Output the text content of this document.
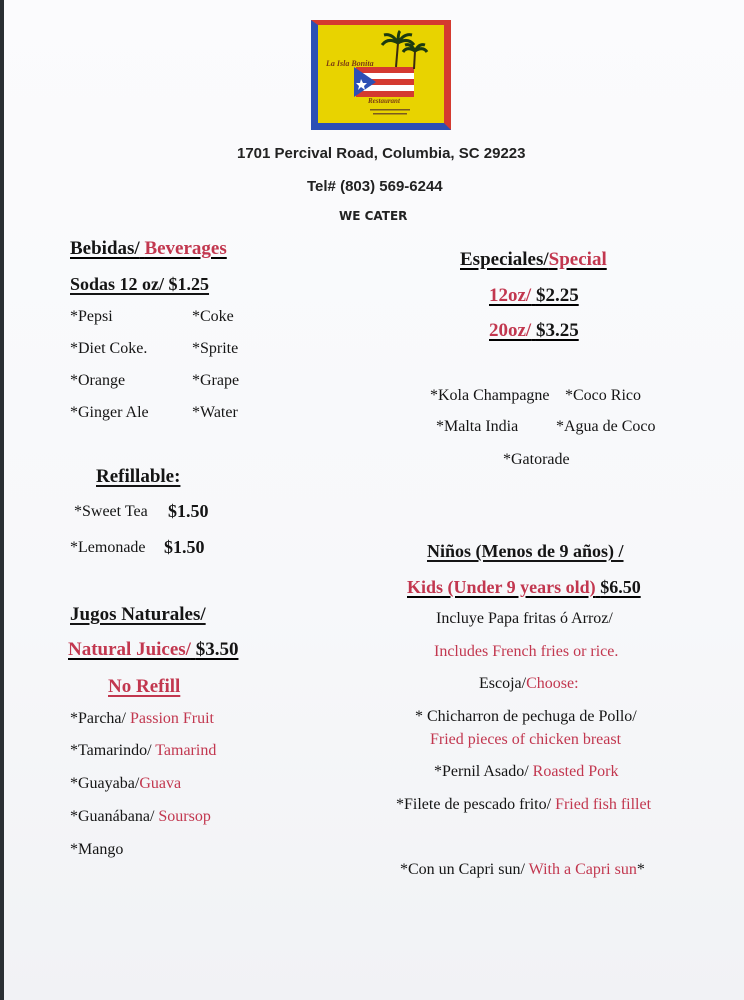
La Isla Bonita
Restaurant
1701 Percival Road, Columbia, SC 29223
Tel# (803) 569-6244
WE CATER
Bebidas/ Beverages
Sodas 12 oz/ $1.25
*Pepsi
*Diet Coke.
*Orange
*Ginger Ale
*Coke
*Sprite
*Grape
*Water
Refillable:
*Sweet Tea $1.50
*Lemonade $1.50
Jugos Naturales/
Natural Juices/ $3.50
No Refill
*Parcha/ Passion Fruit
*Tamarindo/ Tamarind
*Guayaba/Guava
*Guanábana/ Soursop
*Mango
Especiales/Special
12oz/ $2.25
20oz/ $3.25
*Kola Champagne *Coco Rico
*Malta India *Agua de Coco
*Gatorade
Niños (Menos de 9 años) /
Kids (Under 9 years old) $6.50
Incluye Papa fritas ó Arroz/
Includes French fries or rice.
Escoja/Choose:
* Chicharron de pechuga de Pollo/
Fried pieces of chicken breast
*Pernil Asado/ Roasted Pork
*Filete de pescado frito/ Fried fish fillet
*Con un Capri sun/ With a Capri sun*
